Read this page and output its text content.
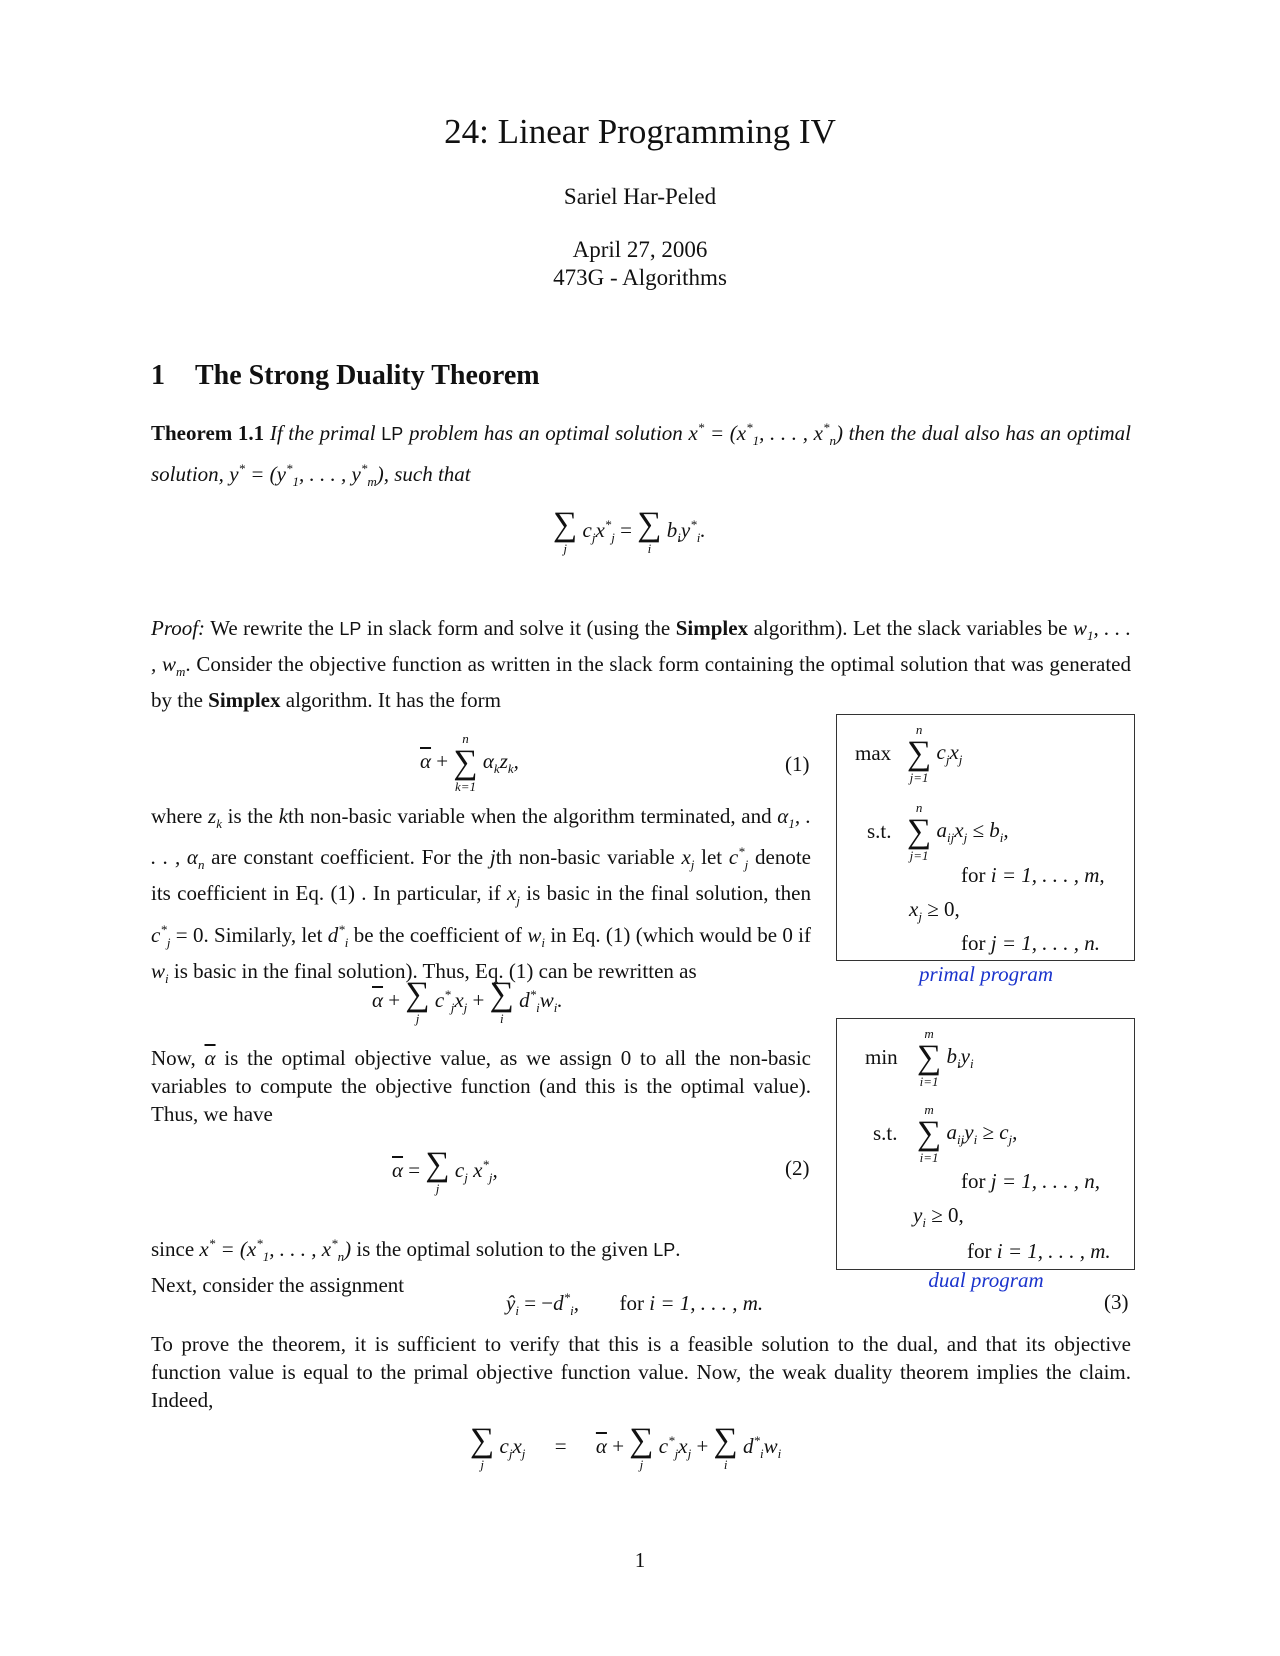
24: Linear Programming IV
Sariel Har-Peled
April 27, 2006
473G - Algorithms
1 The Strong Duality Theorem
Theorem 1.1 If the primal LP problem has an optimal solution $x^* = (x^*_1$, . . . , $x^*_n$) then the dual also has an optimal solution, $y^* = (y^*_1$, . . . , $y^*_m$), such that
∑
j
$c_jx^*_j$ = ∑
i
$b_iy^*_i$.
Proof: We rewrite the LP in slack form and solve it (using the Simplex algorithm). Let the slack variables be $w_1$, . . . , $w_m$. Consider the objective function as written in the slack form containing the optimal solution that was generated by the Simplex algorithm. It has the form
$\overline{\alpha}$ +
n
∑
k=1
$\alpha_kz_k$,	(1)
where $z_k$ is the kth non-basic variable when the algorithm terminated, and $\alpha_1$, . . . , $\alpha_n$ are constant coefficient. For the jth non-basic variable $x_j$ let $c^*_j$ denote its coefficient in Eq. (1) . In particular, if $x_j$ is basic in the final solution, then $c^*_j = 0$. Similarly, let $d^*_i$ be the coefficient of $w_i$ in Eq. (1) (which would be 0 if $w_i$ is basic in the final solution). Thus, Eq. (1) can be rewritten as
$\overline{\alpha}$ + ∑
j
$c^*_jx_j$ + ∑
i
$d^*_iw_i$.
Now, $\overline{\alpha}$ is the optimal objective value, as we assign 0 to all the non-basic variables to compute the objective function (and this is the optimal value). Thus, we have
$\overline{\alpha}$ = ∑
j
$c_j$ $x^*_j$,	(2)
since $x^* = (x^*_1$, . . . , $x^*_n$) is the optimal solution to the given LP.
Next, consider the assignment
$ŷ_i = -d^*_i$,  for i = 1, . . . , m.	(3)
To prove the theorem, it is sufficient to verify that this is a feasible solution to the dual, and that its objective function value is equal to the primal objective function value. Now, the weak duality theorem implies the claim. Indeed,
∑
j
$c_jx_j = \overline{\alpha}$ + ∑
j
$c^*_jx_j$ + ∑
i
$d^*_iw_i$
max
n
∑
j=1
$c_jx_j$
s.t.
n
∑
j=1
$a_{ij}x_j \le b_i$,
for i = 1, . . . , m,
$x_j \ge 0$,
for j = 1, . . . , n.
primal program
min
m
∑
i=1
$b_iy_i$
s.t.
m
∑
i=1
$a_{ij}y_i \ge c_j$,
for j = 1, . . . , n,
$y_i \ge 0$,
for i = 1, . . . , m.
dual program
1
